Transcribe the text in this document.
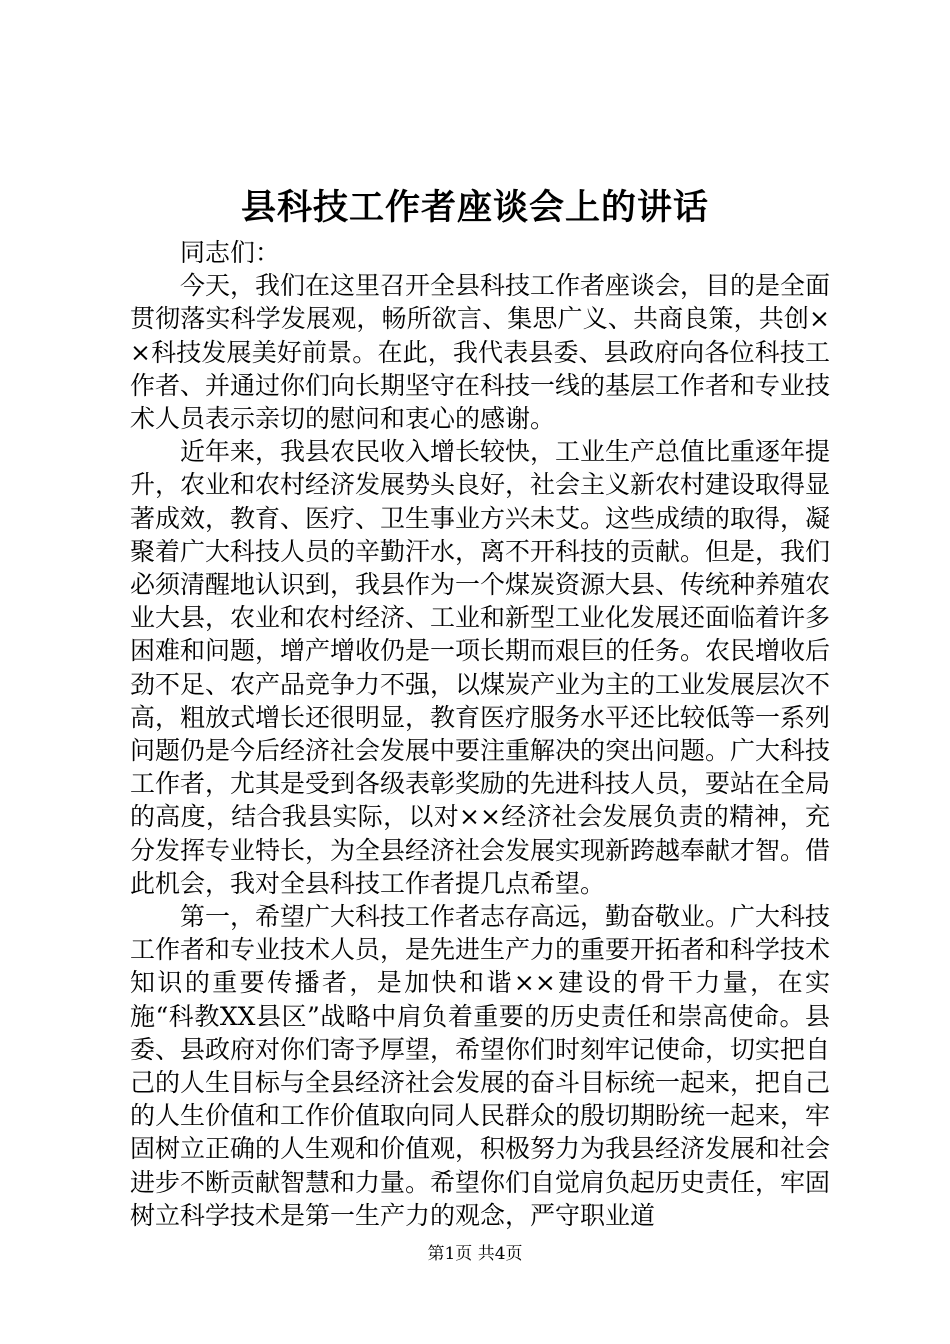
县科技工作者座谈会上的讲话

同志们：

今天，我们在这里召开全县科技工作者座谈会，目的是全面贯彻落实科学发展观，畅所欲言、集思广义、共商良策，共创××科技发展美好前景。在此，我代表县委、县政府向各位科技工作者、并通过你们向长期坚守在科技一线的基层工作者和专业技术人员表示亲切的慰问和衷心的感谢。

近年来，我县农民收入增长较快，工业生产总值比重逐年提升，农业和农村经济发展势头良好，社会主义新农村建设取得显著成效，教育、医疗、卫生事业方兴未艾。这些成绩的取得，凝聚着广大科技人员的辛勤汗水，离不开科技的贡献。但是，我们必须清醒地认识到，我县作为一个煤炭资源大县、传统种养殖农业大县，农业和农村经济、工业和新型工业化发展还面临着许多困难和问题，增产增收仍是一项长期而艰巨的任务。农民增收后劲不足、农产品竞争力不强，以煤炭产业为主的工业发展层次不高，粗放式增长还很明显，教育医疗服务水平还比较低等一系列问题仍是今后经济社会发展中要注重解决的突出问题。广大科技工作者，尤其是受到各级表彰奖励的先进科技人员，要站在全局的高度，结合我县实际，以对××经济社会发展负责的精神，充分发挥专业特长，为全县经济社会发展实现新跨越奉献才智。借此机会，我对全县科技工作者提几点希望。

第一，希望广大科技工作者志存高远，勤奋敬业。广大科技工作者和专业技术人员，是先进生产力的重要开拓者和科学技术知识的重要传播者，是加快和谐××建设的骨干力量，在实施“科教XX县区”战略中肩负着重要的历史责任和崇高使命。县委、县政府对你们寄予厚望，希望你们时刻牢记使命，切实把自己的人生目标与全县经济社会发展的奋斗目标统一起来，把自己的人生价值和工作价值取向同人民群众的殷切期盼统一起来，牢固树立正确的人生观和价值观，积极努力为我县经济发展和社会进步不断贡献智慧和力量。希望你们自觉肩负起历史责任，牢固树立科学技术是第一生产力的观念，严守职业道

第1页 共4页
